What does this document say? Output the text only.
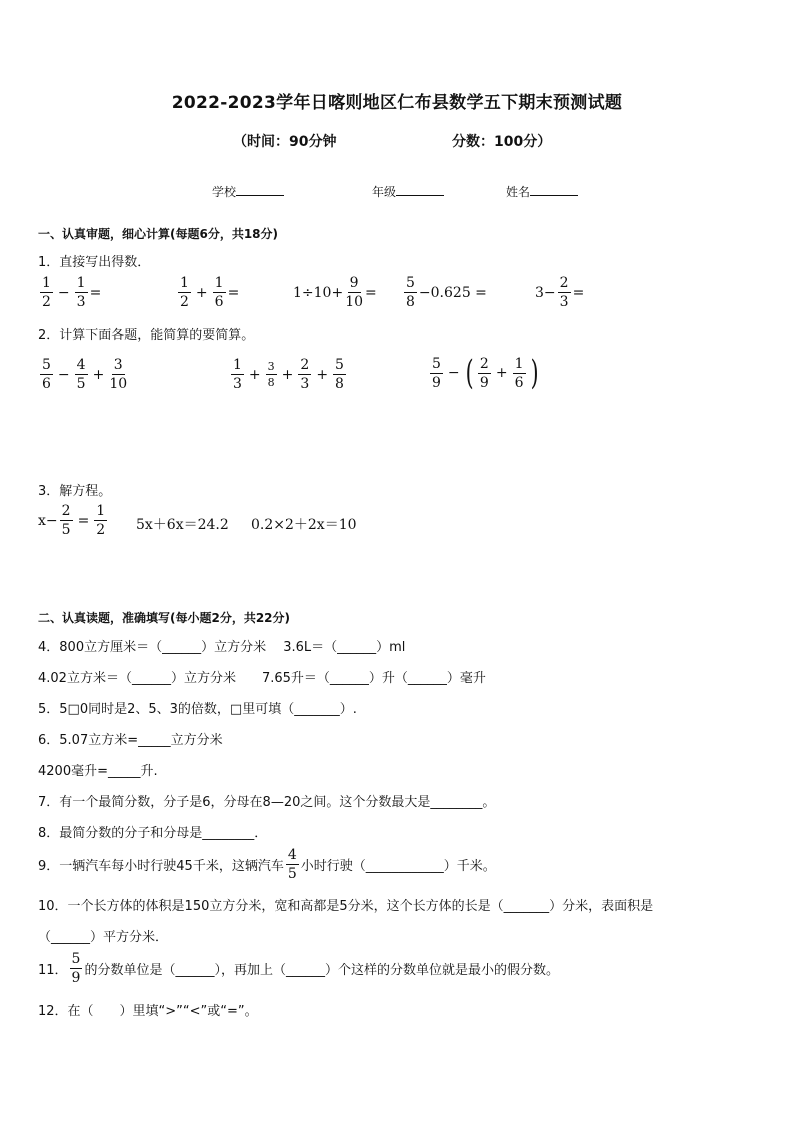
2022-2023学年日喀则地区仁布县数学五下期末预测试题
（时间：90分钟	分数：100分）
学校	年级	姓名
一、认真审题，细心计算(每题6分，共18分)
1．直接写出得数．
$\frac{1}{2} - \frac{1}{3}$ =	$\frac{1}{2} + \frac{1}{6}$ =	$1\div 10+ \frac{9}{10} = \frac{5}{8} -0.625$ =	$3- \frac{2}{3}$ =
2．计算下面各题，能简算的要简算。
$\frac{5}{6} - \frac{4}{5} + \frac{3}{10}$	$\frac{1}{3} + \frac{3}{8} + \frac{2}{3} + \frac{5}{8}$	$\frac{5}{9}$ − ( $\frac{2}{9} + \frac{1}{6}$ )
3．解方程。
$x- \frac{2}{5} = \frac{1}{2} 5x+6x=24.2$ 0.2×2＋2x＝10
二、认真读题，准确填写(每小题2分，共22分)
4．800立方厘米＝（______）立方分米　 3.6L＝（______）ml
4.02立方米＝（______）立方分米　　7.65升＝（______）升（______）毫升
5．5□0同时是2、5、3的倍数，□里可填（_______）.
6．5.07立方米=_____立方分米
4200毫升=_____升.
7．有一个最简分数，分子是6，分母在8—20之间。这个分数最大是________。
8．最简分数的分子和分母是________．
9．一辆汽车每小时行驶45千米，这辆汽车 $\frac{4}{5}$ 小时行驶（____________）千米。
10．一个长方体的体积是150立方分米，宽和高都是5分米，这个长方体的长是（_______）分米，表面积是
（______）平方分米．
11． $\frac{5}{9}$ 的分数单位是（______），再加上（______）个这样的分数单位就是最小的假分数。
12．在（　　）里填“>”“<”或“=”。
